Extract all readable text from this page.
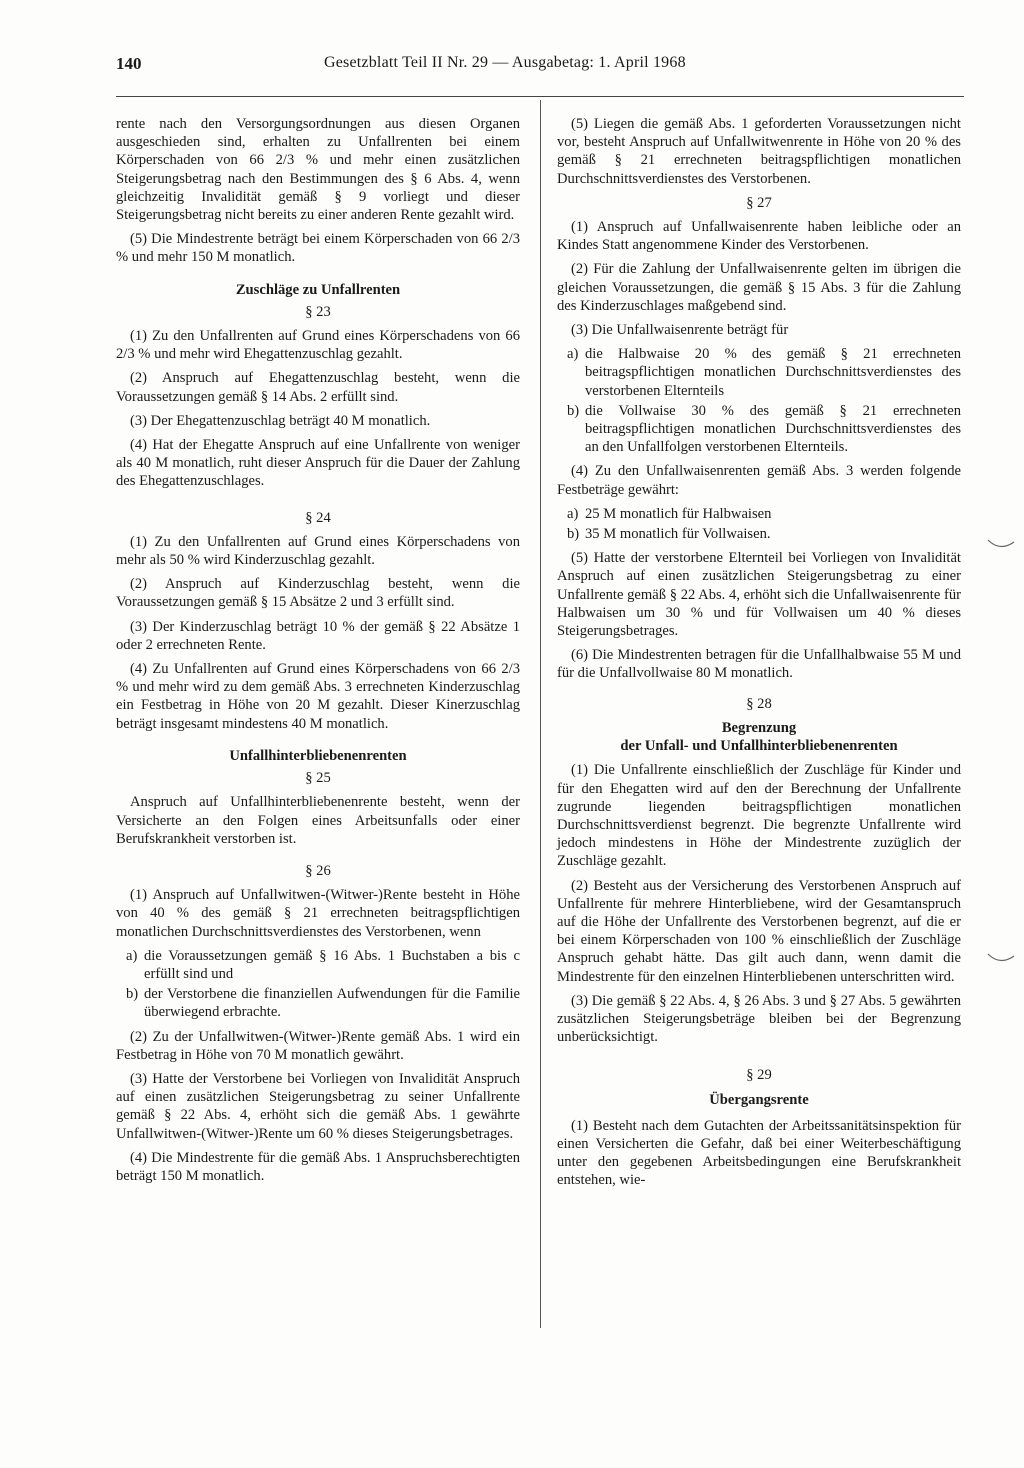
140	Gesetzblatt Teil II Nr. 29 — Ausgabetag: 1. April 1968

rente nach den Versorgungsordnungen aus diesen Organen ausgeschieden sind, erhalten zu Unfallrenten bei einem Körperschaden von 66 2/3 % und mehr einen zusätzlichen Steigerungsbetrag nach den Bestimmungen des § 6 Abs. 4, wenn gleichzeitig Invalidität gemäß § 9 vorliegt und dieser Steigerungsbetrag nicht bereits zu einer anderen Rente gezahlt wird.

(5) Die Mindestrente beträgt bei einem Körperschaden von 66 2/3 % und mehr 150 M monatlich.

Zuschläge zu Unfallrenten
§ 23

(1) Zu den Unfallrenten auf Grund eines Körperschadens von 66 2/3 % und mehr wird Ehegattenzuschlag gezahlt.

(2) Anspruch auf Ehegattenzuschlag besteht, wenn die Voraussetzungen gemäß § 14 Abs. 2 erfüllt sind.

(3) Der Ehegattenzuschlag beträgt 40 M monatlich.

(4) Hat der Ehegatte Anspruch auf eine Unfallrente von weniger als 40 M monatlich, ruht dieser Anspruch für die Dauer der Zahlung des Ehegattenzuschlages.

§ 24

(1) Zu den Unfallrenten auf Grund eines Körperschadens von mehr als 50 % wird Kinderzuschlag gezahlt.

(2) Anspruch auf Kinderzuschlag besteht, wenn die Voraussetzungen gemäß § 15 Absätze 2 und 3 erfüllt sind.

(3) Der Kinderzuschlag beträgt 10 % der gemäß § 22 Absätze 1 oder 2 errechneten Rente.

(4) Zu Unfallrenten auf Grund eines Körperschadens von 66 2/3 % und mehr wird zu dem gemäß Abs. 3 errechneten Kinderzuschlag ein Festbetrag in Höhe von 20 M gezahlt. Dieser Kinerzuschlag beträgt insgesamt mindestens 40 M monatlich.

Unfallhinterbliebenenrenten
§ 25

Anspruch auf Unfallhinterbliebenenrente besteht, wenn der Versicherte an den Folgen eines Arbeitsunfalls oder einer Berufskrankheit verstorben ist.

§ 26

(1) Anspruch auf Unfallwitwen-(Witwer-)Rente besteht in Höhe von 40 % des gemäß § 21 errechneten beitragspflichtigen monatlichen Durchschnittsverdienstes des Verstorbenen, wenn

a) die Voraussetzungen gemäß § 16 Abs. 1 Buchstaben a bis c erfüllt sind und
b) der Verstorbene die finanziellen Aufwendungen für die Familie überwiegend erbrachte.

(2) Zu der Unfallwitwen-(Witwer-)Rente gemäß Abs. 1 wird ein Festbetrag in Höhe von 70 M monatlich gewährt.

(3) Hatte der Verstorbene bei Vorliegen von Invalidität Anspruch auf einen zusätzlichen Steigerungsbetrag zu seiner Unfallrente gemäß § 22 Abs. 4, erhöht sich die gemäß Abs. 1 gewährte Unfallwitwen-(Witwer-)Rente um 60 % dieses Steigerungsbetrages.

(4) Die Mindestrente für die gemäß Abs. 1 Anspruchsberechtigten beträgt 150 M monatlich.

(5) Liegen die gemäß Abs. 1 geforderten Voraussetzungen nicht vor, besteht Anspruch auf Unfallwitwenrente in Höhe von 20 % des gemäß § 21 errechneten beitragspflichtigen monatlichen Durchschnittsverdienstes des Verstorbenen.

§ 27

(1) Anspruch auf Unfallwaisenrente haben leibliche oder an Kindes Statt angenommene Kinder des Verstorbenen.

(2) Für die Zahlung der Unfallwaisenrente gelten im übrigen die gleichen Voraussetzungen, die gemäß § 15 Abs. 3 für die Zahlung des Kinderzuschlages maßgebend sind.

(3) Die Unfallwaisenrente beträgt für

a) die Halbwaise 20 % des gemäß § 21 errechneten beitragspflichtigen monatlichen Durchschnittsverdienstes des verstorbenen Elternteils
b) die Vollwaise 30 % des gemäß § 21 errechneten beitragspflichtigen monatlichen Durchschnittsverdienstes des an den Unfallfolgen verstorbenen Elternteils.

(4) Zu den Unfallwaisenrenten gemäß Abs. 3 werden folgende Festbeträge gewährt:

a) 25 M monatlich für Halbwaisen
b) 35 M monatlich für Vollwaisen.

(5) Hatte der verstorbene Elternteil bei Vorliegen von Invalidität Anspruch auf einen zusätzlichen Steigerungsbetrag zu einer Unfallrente gemäß § 22 Abs. 4, erhöht sich die Unfallwaisenrente für Halbwaisen um 30 % und für Vollwaisen um 40 % dieses Steigerungsbetrages.

(6) Die Mindestrenten betragen für die Unfallhalbwaise 55 M und für die Unfallvollwaise 80 M monatlich.

§ 28
Begrenzung
der Unfall- und Unfallhinterbliebenenrenten

(1) Die Unfallrente einschließlich der Zuschläge für Kinder und für den Ehegatten wird auf den der Berechnung der Unfallrente zugrunde liegenden beitragspflichtigen monatlichen Durchschnittsverdienst begrenzt. Die begrenzte Unfallrente wird jedoch mindestens in Höhe der Mindestrente zuzüglich der Zuschläge gezahlt.

(2) Besteht aus der Versicherung des Verstorbenen Anspruch auf Unfallrente für mehrere Hinterbliebene, wird der Gesamtanspruch auf die Höhe der Unfallrente des Verstorbenen begrenzt, auf die er bei einem Körperschaden von 100 % einschließlich der Zuschläge Anspruch gehabt hätte. Das gilt auch dann, wenn damit die Mindestrente für den einzelnen Hinterbliebenen unterschritten wird.

(3) Die gemäß § 22 Abs. 4, § 26 Abs. 3 und § 27 Abs. 5 gewährten zusätzlichen Steigerungsbeträge bleiben bei der Begrenzung unberücksichtigt.

§ 29
Übergangsrente

(1) Besteht nach dem Gutachten der Arbeitssanitätsinspektion für einen Versicherten die Gefahr, daß bei einer Weiterbeschäftigung unter den gegebenen Arbeitsbedingungen eine Berufskrankheit entstehen, wie-
